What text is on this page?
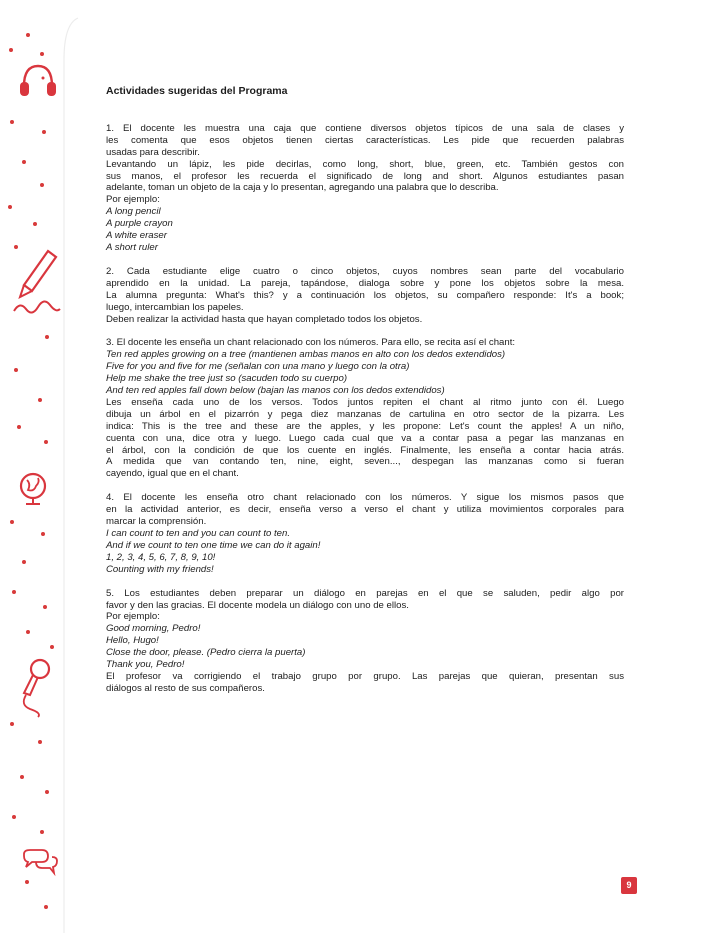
Actividades sugeridas del Programa
1. El docente les muestra una caja que contiene diversos objetos típicos de una sala de clases y
les comenta que esos objetos tienen ciertas características. Les pide que recuerden palabras
usadas para describir.
Levantando un lápiz, les pide decirlas, como long, short, blue, green, etc. También gestos con
sus manos, el profesor les recuerda el significado de long and short. Algunos estudiantes pasan
adelante, toman un objeto de la caja y lo presentan, agregando una palabra que lo describa.
Por ejemplo:
A long pencil
A purple crayon
A white eraser
A short ruler
2. Cada estudiante elige cuatro o cinco objetos, cuyos nombres sean parte del vocabulario
aprendido en la unidad. La pareja, tapándose, dialoga sobre y pone los objetos sobre la mesa.
La alumna pregunta: What's this? y a continuación los objetos, su compañero responde: It's a book;
luego, intercambian los papeles.
Deben realizar la actividad hasta que hayan completado todos los objetos.
3. El docente les enseña un chant relacionado con los números. Para ello, se recita así el chant:
Ten red apples growing on a tree (mantienen ambas manos en alto con los dedos extendidos)
Five for you and five for me (señalan con una mano y luego con la otra)
Help me shake the tree just so (sacuden todo su cuerpo)
And ten red apples fall down below (bajan las manos con los dedos extendidos)
Les enseña cada uno de los versos. Todos juntos repiten el chant al ritmo junto con él. Luego
dibuja un árbol en el pizarrón y pega diez manzanas de cartulina en otro sector de la pizarra. Les
indica: This is the tree and these are the apples, y les propone: Let's count the apples! A un niño,
cuenta con una, dice otra y luego. Luego cada cual que va a contar pasa a pegar las manzanas en
el árbol, con la condición de que los cuente en inglés. Finalmente, les enseña a contar hacia atrás.
A medida que van contando ten, nine, eight, seven..., despegan las manzanas como si fueran
cayendo, igual que en el chant.
4. El docente les enseña otro chant relacionado con los números. Y sigue los mismos pasos que
en la actividad anterior, es decir, enseña verso a verso el chant y utiliza movimientos corporales para
marcar la comprensión.
I can count to ten and you can count to ten.
And if we count to ten one time we can do it again!
1, 2, 3, 4, 5, 6, 7, 8, 9, 10!
Counting with my friends!
5. Los estudiantes deben preparar un diálogo en parejas en el que se saluden, pedir algo por
favor y den las gracias. El docente modela un diálogo con uno de ellos.
Por ejemplo:
Good morning, Pedro!
Hello, Hugo!
Close the door, please. (Pedro cierra la puerta)
Thank you, Pedro!
El profesor va corrigiendo el trabajo grupo por grupo. Las parejas que quieran, presentan sus
diálogos al resto de sus compañeros.
9
